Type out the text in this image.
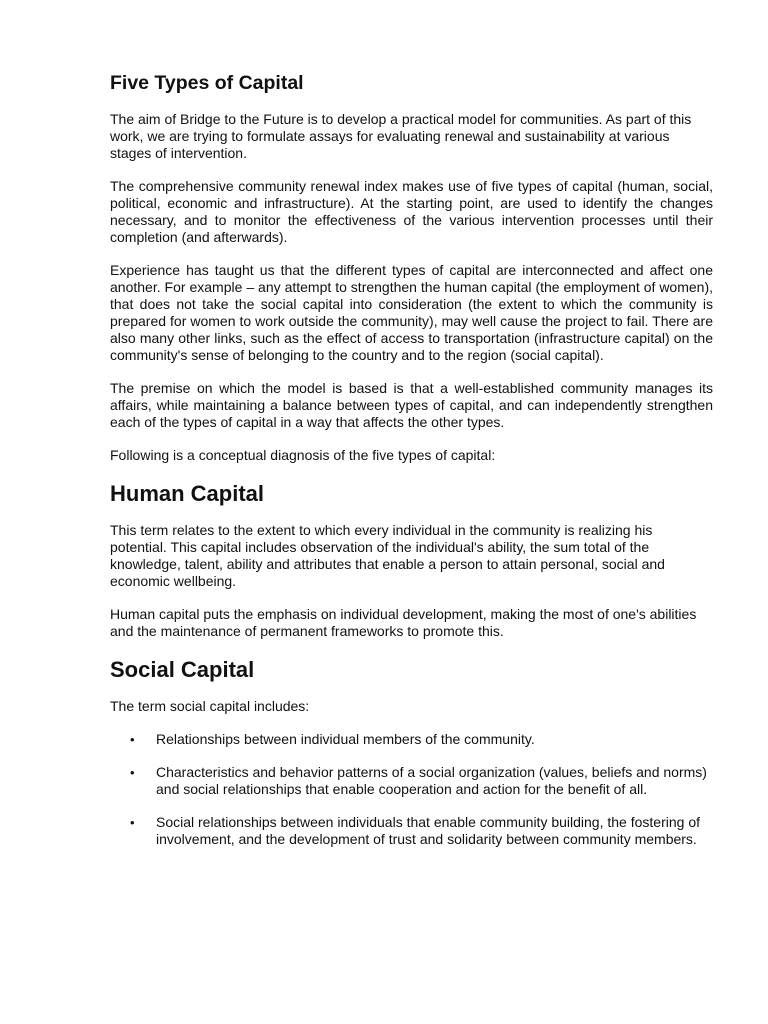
Five Types of Capital

The aim of Bridge to the Future is to develop a practical model for communities. As part of this work, we are trying to formulate assays for evaluating renewal and sustainability at various stages of intervention.

The comprehensive community renewal index makes use of five types of capital (human, social, political, economic and infrastructure). At the starting point, are used to identify the changes necessary, and to monitor the effectiveness of the various intervention processes until their completion (and afterwards).

Experience has taught us that the different types of capital are interconnected and affect one another. For example – any attempt to strengthen the human capital (the employment of women), that does not take the social capital into consideration (the extent to which the community is prepared for women to work outside the community), may well cause the project to fail. There are also many other links, such as the effect of access to transportation (infrastructure capital) on the community's sense of belonging to the country and to the region (social capital).

The premise on which the model is based is that a well-established community manages its affairs, while maintaining a balance between types of capital, and can independently strengthen each of the types of capital in a way that affects the other types.

Following is a conceptual diagnosis of the five types of capital:

Human Capital

This term relates to the extent to which every individual in the community is realizing his potential. This capital includes observation of the individual's ability, the sum total of the knowledge, talent, ability and attributes that enable a person to attain personal, social and economic wellbeing.

Human capital puts the emphasis on individual development, making the most of one's abilities and the maintenance of permanent frameworks to promote this.

Social Capital

The term social capital includes:

• Relationships between individual members of the community.
• Characteristics and behavior patterns of a social organization (values, beliefs and norms) and social relationships that enable cooperation and action for the benefit of all.
• Social relationships between individuals that enable community building, the fostering of involvement, and the development of trust and solidarity between community members.
